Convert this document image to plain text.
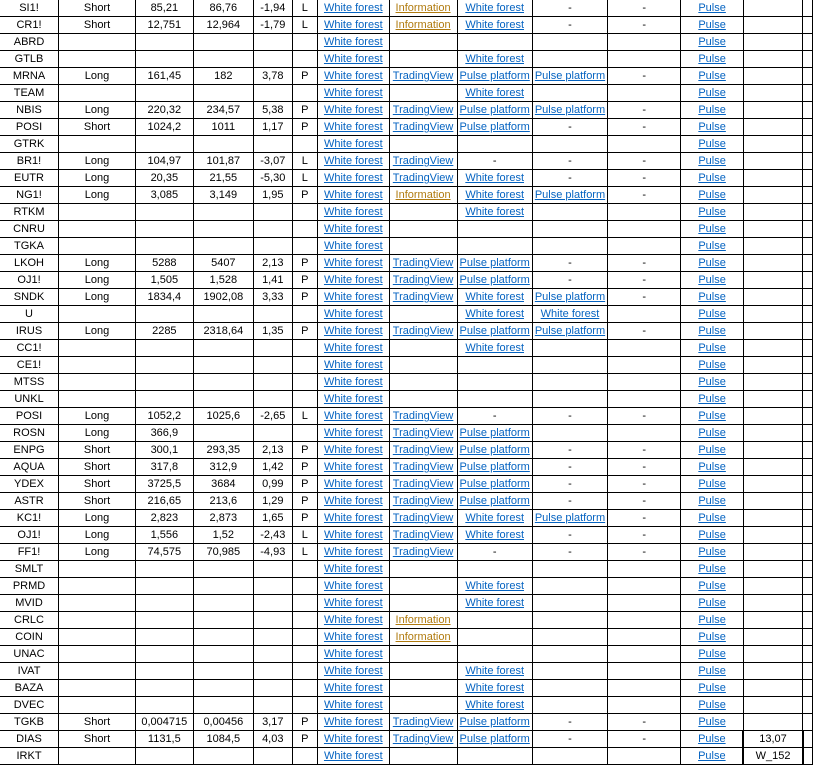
SI1!	Short	85,21	86,76	-1,94	L	White forest	Information	White forest	-	-	Pulse		
CR1!	Short	12,751	12,964	-1,79	L	White forest	Information	White forest	-	-	Pulse		
ABRD						White forest					Pulse		
GTLB						White forest		White forest			Pulse		
MRNA	Long	161,45	182	3,78	P	White forest	TradingView	Pulse platform	Pulse platform	-	Pulse		
TEAM						White forest		White forest			Pulse		
NBIS	Long	220,32	234,57	5,38	P	White forest	TradingView	Pulse platform	Pulse platform	-	Pulse		
POSI	Short	1024,2	1011	1,17	P	White forest	TradingView	Pulse platform	-	-	Pulse		
GTRK						White forest					Pulse		
BR1!	Long	104,97	101,87	-3,07	L	White forest	TradingView	-	-	-	Pulse		
EUTR	Long	20,35	21,55	-5,30	L	White forest	TradingView	White forest	-	-	Pulse		
NG1!	Long	3,085	3,149	1,95	P	White forest	Information	White forest	Pulse platform	-	Pulse		
RTKM						White forest		White forest			Pulse		
CNRU						White forest					Pulse		
TGKA						White forest					Pulse		
LKOH	Long	5288	5407	2,13	P	White forest	TradingView	Pulse platform	-	-	Pulse		
OJ1!	Long	1,505	1,528	1,41	P	White forest	TradingView	Pulse platform	-	-	Pulse		
SNDK	Long	1834,4	1902,08	3,33	P	White forest	TradingView	White forest	Pulse platform	-	Pulse		
U						White forest		White forest	White forest		Pulse		
IRUS	Long	2285	2318,64	1,35	P	White forest	TradingView	Pulse platform	Pulse platform	-	Pulse		
CC1!						White forest		White forest			Pulse		
CE1!						White forest					Pulse		
MTSS						White forest					Pulse		
UNKL						White forest					Pulse		
POSI	Long	1052,2	1025,6	-2,65	L	White forest	TradingView	-	-	-	Pulse		
ROSN	Long	366,9				White forest	TradingView	Pulse platform			Pulse		
ENPG	Short	300,1	293,35	2,13	P	White forest	TradingView	Pulse platform	-	-	Pulse		
AQUA	Short	317,8	312,9	1,42	P	White forest	TradingView	Pulse platform	-	-	Pulse		
YDEX	Short	3725,5	3684	0,99	P	White forest	TradingView	Pulse platform	-	-	Pulse		
ASTR	Short	216,65	213,6	1,29	P	White forest	TradingView	Pulse platform	-	-	Pulse		
KC1!	Long	2,823	2,873	1,65	P	White forest	TradingView	White forest	Pulse platform	-	Pulse		
OJ1!	Long	1,556	1,52	-2,43	L	White forest	TradingView	White forest	-	-	Pulse		
FF1!	Long	74,575	70,985	-4,93	L	White forest	TradingView	-	-	-	Pulse		
SMLT						White forest					Pulse		
PRMD						White forest		White forest			Pulse		
MVID						White forest		White forest			Pulse		
CRLC						White forest	Information				Pulse		
COIN						White forest	Information				Pulse		
UNAC						White forest					Pulse		
IVAT						White forest		White forest			Pulse		
BAZA						White forest		White forest			Pulse		
DVEC						White forest		White forest			Pulse		
TGKB	Short	0,004715	0,00456	3,17	P	White forest	TradingView	Pulse platform	-	-	Pulse		
DIAS	Short	1131,5	1084,5	4,03	P	White forest	TradingView	Pulse platform	-	-	Pulse	13,07	
IRKT						White forest					Pulse	W_152	
